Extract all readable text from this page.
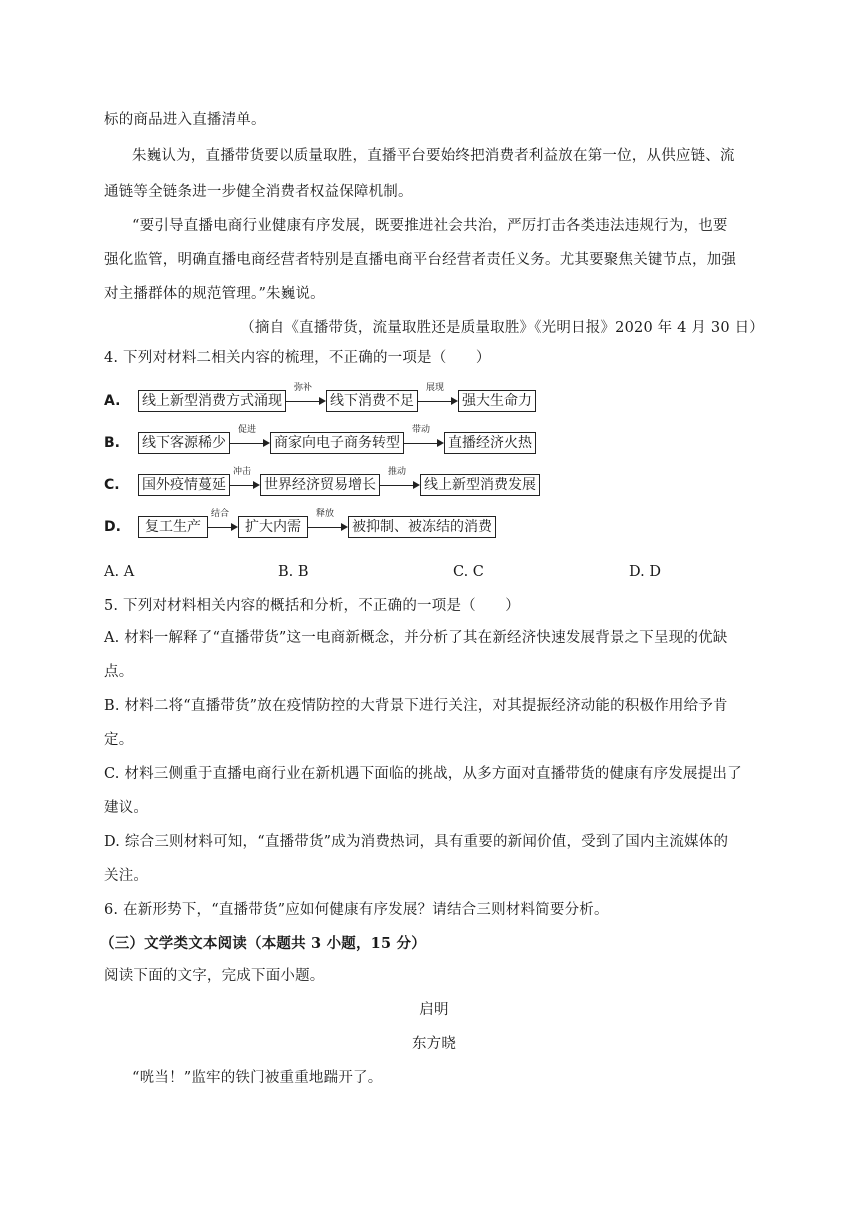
标的商品进入直播清单。
朱巍认为，直播带货要以质量取胜，直播平台要始终把消费者利益放在第一位，从供应链、流
通链等全链条进一步健全消费者权益保障机制。
“要引导直播电商行业健康有序发展，既要推进社会共治，严厉打击各类违法违规行为，也要
强化监管，明确直播电商经营者特别是直播电商平台经营者责任义务。尤其要聚焦关键节点，加强
对主播群体的规范管理。”朱巍说。
（摘自《直播带货，流量取胜还是质量取胜》《光明日报》2020 年 4 月 30 日）
4. 下列对材料二相关内容的梳理，不正确的一项是（　　）
A.	线上新型消费方式涌现
弥补
线下消费不足
展现
强大生命力
B.	线下客源稀少
促进
商家向电子商务转型
带动
直播经济火热
C.	国外疫情蔓延
冲击
世界经济贸易增长
推动
线上新型消费发展
D.	复工生产
结合
扩大内需
释放
被抑制、被冻结的消费
A. A	B. B	C. C	D. D
5. 下列对材料相关内容的概括和分析，不正确的一项是（　　）
A. 材料一解释了“直播带货”这一电商新概念，并分析了其在新经济快速发展背景之下呈现的优缺
点。
B. 材料二将“直播带货”放在疫情防控的大背景下进行关注，对其提振经济动能的积极作用给予肯
定。
C. 材料三侧重于直播电商行业在新机遇下面临的挑战，从多方面对直播带货的健康有序发展提出了
建议。
D. 综合三则材料可知，“直播带货”成为消费热词，具有重要的新闻价值，受到了国内主流媒体的
关注。
6. 在新形势下，“直播带货”应如何健康有序发展？请结合三则材料简要分析。
（三）文学类文本阅读（本题共 3 小题，15 分）
阅读下面的文字，完成下面小题。
启明
东方晓
“咣当！”监牢的铁门被重重地踹开了。
